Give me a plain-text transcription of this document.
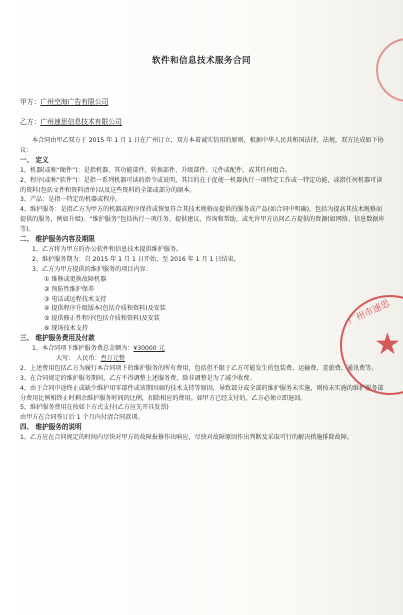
软件和信息技术服务合同
甲方：广州空海广告有限公司
乙方：广州速思信息技术有限公司

本合同由甲乙双方于 2015 年 1 月 1 日在广州订立，双方本着诚实信用的原则，根据中华人民共和国法律，法规，双方达成如下协议：

一、 定义

1、机器(或称“硬件”)：是指机器、其功能部件、转换部件、升级部件、元件或配件、或其任何组合。

2、程序(或称“软件”)：是指一系列机器可读的指令或说明，其目的在于促使一机器执行一项特定工作或一特定功能，或指任何机器可读的资料(包括文件和资料清单)以及这些资料的全部或部分的副本。

3、产品：是指一特定的机器或程序。

4、维护服务：是指乙方为甲方的机器或程序保持或恢复符合其技术规格而提供的服务或产品(如合同中明确)，包括为提高其技术规格而提供的服务，例如升级)。“维护服务”包括执行一项任务、提供建议、咨询和帮助，或允许甲方访问乙方提供的资源(如网络、信息数据库等)。

二、 维护服务内容及期限

1、乙方将为甲方的办公软件和信息技术提供维护服务。

2、维护服务期为：自 2015 年 1 月 1 日开始，至 2016 年 1 月 1 日结束。

3、乙方为甲方提供的维护服务的项目内容：

① 维修或更换故障机器

② 预防性维护保养

③ 电话或远程技术支持

④ 提供程序升级版本(包括介质和资料)及安装

⑤ 提供修正性程序(包括介质和资料)及安装

⑥ 现场技术支持

三、 维护服务费用及付款

1、本合同项下维护服务费总金额为：¥30000 元

大写： 人民币：叁万元整

2、上述费用包括乙方为履行本合同项下的维护服务的所有费用，包括但不限于乙方可能发生的包装费、运输费、差旅费、通讯费等。

3、在合同规定的维护服务期间，乙方不得调整上述服务费，除非调整是为了减少收费。

4、由于合同中途终止或缺少维护用零部件或该期因商的技术支持等原因，导致部分或全部的维护服务未实施，则按未实施的维护服务部分费用比例相终止时剩余维护服务时间的比例，扣除相应的费用。如甲方已经支付的，乙方必须立即退回。

5、维护服务费用在按如下方式支付(乙方应先开具发票)

由甲方在合同签订后 1 个月内付清合同款项。

四、 维护服务的说明

1、乙方应在合同规定的时间内尽快对甲方的故障报修作出响应，尽快对故障原因作出判断及采取可行的解决措施排除故障。

广州市速思
★
